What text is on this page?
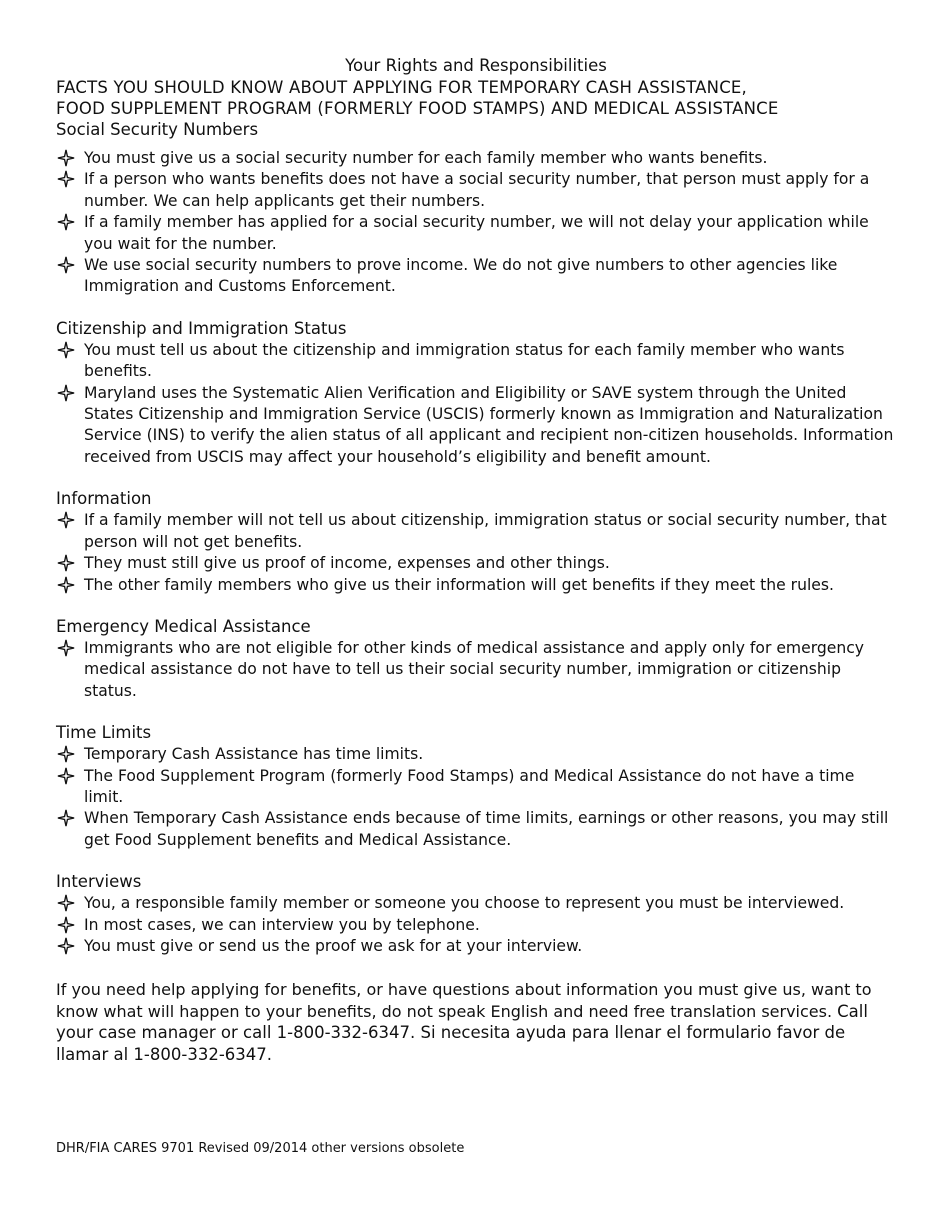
Your Rights and Responsibilities

FACTS YOU SHOULD KNOW ABOUT APPLYING FOR TEMPORARY CASH ASSISTANCE,

FOOD SUPPLEMENT PROGRAM (FORMERLY FOOD STAMPS) AND MEDICAL ASSISTANCE

Social Security Numbers
You must give us a social security number for each family member who wants benefits.
If a person who wants benefits does not have a social security number, that person must apply for a number. We can help applicants get their numbers.
If a family member has applied for a social security number, we will not delay your application while you wait for the number.
We use social security numbers to prove income. We do not give numbers to other agencies like Immigration and Customs Enforcement.
Citizenship and Immigration Status
You must tell us about the citizenship and immigration status for each family member who wants benefits.
Maryland uses the Systematic Alien Verification and Eligibility or SAVE system through the United States Citizenship and Immigration Service (USCIS) formerly known as Immigration and Naturalization Service (INS) to verify the alien status of all applicant and recipient non-citizen households. Information received from USCIS may affect your household’s eligibility and benefit amount.
Information
If a family member will not tell us about citizenship, immigration status or social security number, that person will not get benefits.
They must still give us proof of income, expenses and other things.
The other family members who give us their information will get benefits if they meet the rules.
Emergency Medical Assistance
Immigrants who are not eligible for other kinds of medical assistance and apply only for emergency medical assistance do not have to tell us their social security number, immigration or citizenship status.
Time Limits
Temporary Cash Assistance has time limits.
The Food Supplement Program (formerly Food Stamps) and Medical Assistance do not have a time limit.
When Temporary Cash Assistance ends because of time limits, earnings or other reasons, you may still get Food Supplement benefits and Medical Assistance.
Interviews
You, a responsible family member or someone you choose to represent you must be interviewed.
In most cases, we can interview you by telephone.
You must give or send us the proof we ask for at your interview.

If you need help applying for benefits, or have questions about information you must give us, want to know what will happen to your benefits, do not speak English and need free translation services. Call your case manager or call 1-800-332-6347. Si necesita ayuda para llenar el formulario favor de llamar al 1-800-332-6347.

DHR/FIA CARES 9701 Revised 09/2014 other versions obsolete
